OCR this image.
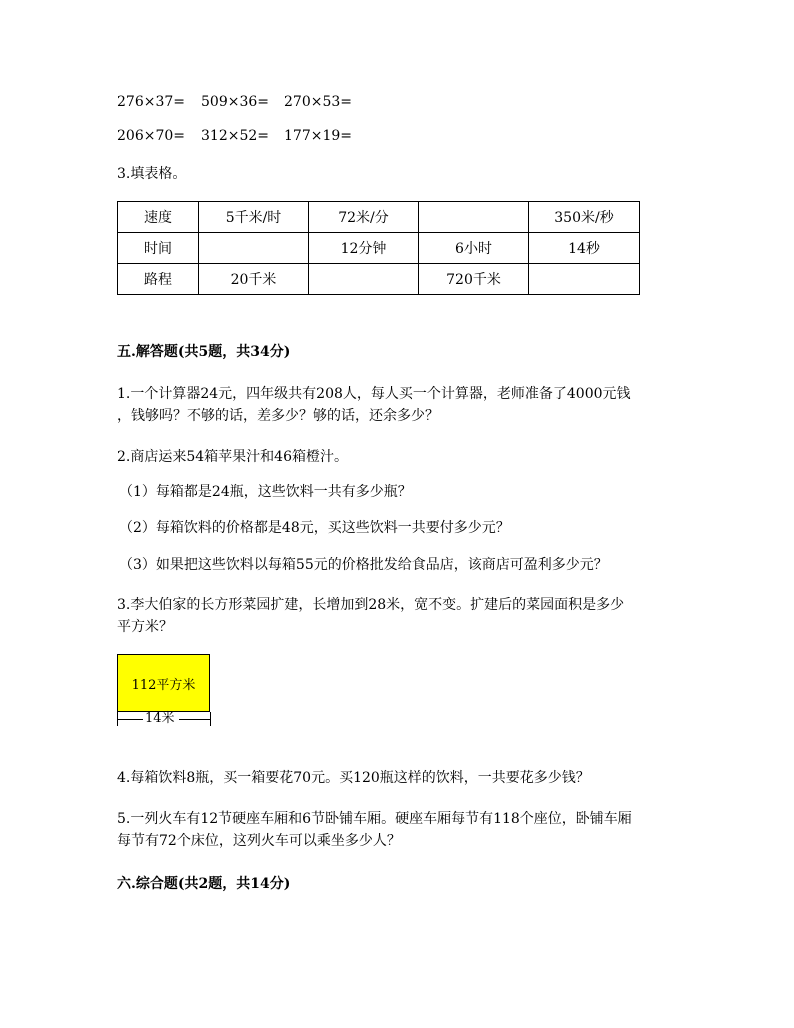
276×37= 509×36= 270×53=
206×70= 312×52= 177×19=
3.填表格。
速度	5千米/时	72米/分		350米/秒
时间		12分钟	6小时	14秒
路程	20千米		720千米	
五.解答题(共5题，共34分)
1.一个计算器24元，四年级共有208人，每人买一个计算器，老师准备了4000元钱
，钱够吗？不够的话，差多少？够的话，还余多少？
2.商店运来54箱苹果汁和46箱橙汁。
（1）每箱都是24瓶，这些饮料一共有多少瓶？
（2）每箱饮料的价格都是48元，买这些饮料一共要付多少元？
（3）如果把这些饮料以每箱55元的价格批发给食品店，该商店可盈利多少元？
3.李大伯家的长方形菜园扩建，长增加到28米，宽不变。扩建后的菜园面积是多少
平方米？
112平方米
14米
4.每箱饮料8瓶，买一箱要花70元。买120瓶这样的饮料，一共要花多少钱？
5.一列火车有12节硬座车厢和6节卧铺车厢。硬座车厢每节有118个座位，卧铺车厢
每节有72个床位，这列火车可以乘坐多少人？
六.综合题(共2题，共14分)
